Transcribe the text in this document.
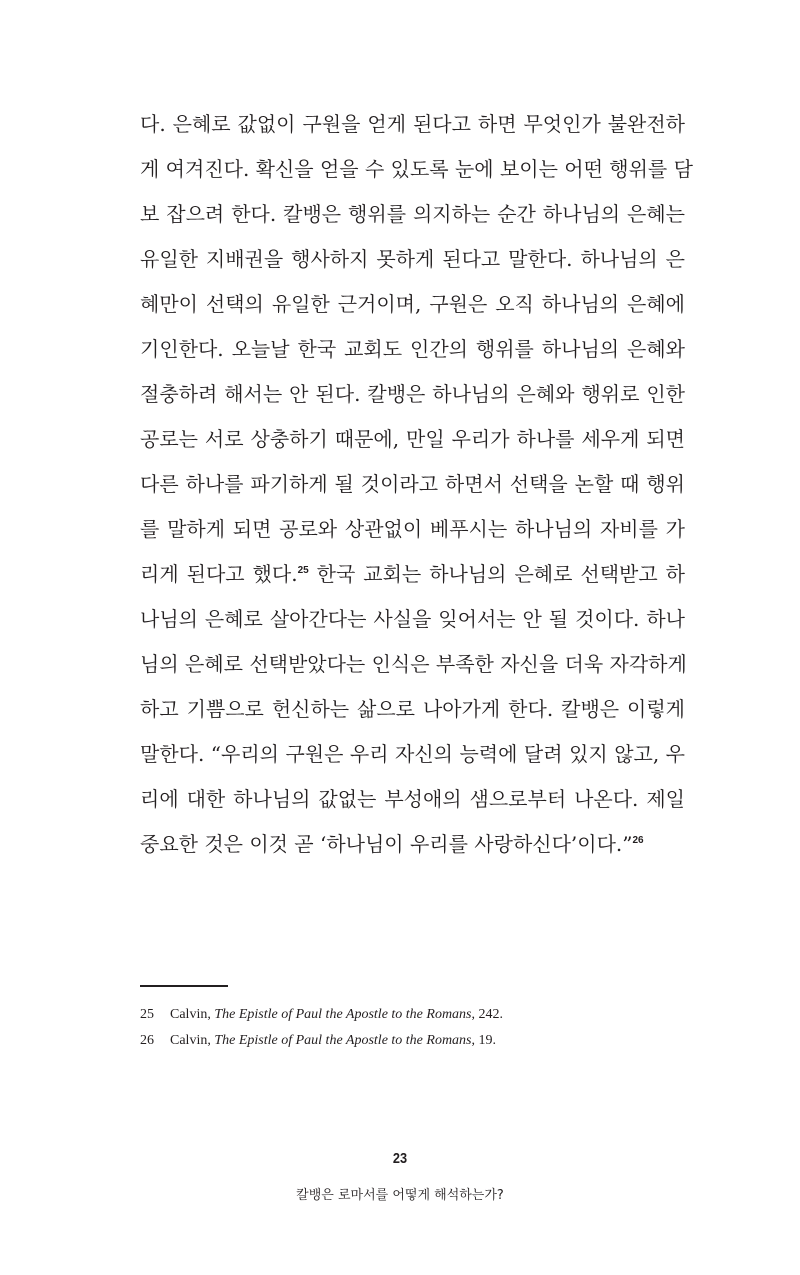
다. 은혜로 값없이 구원을 얻게 된다고 하면 무엇인가 불완전하
게 여겨진다. 확신을 얻을 수 있도록 눈에 보이는 어떤 행위를 담
보 잡으려 한다. 칼뱅은 행위를 의지하는 순간 하나님의 은혜는
유일한 지배권을 행사하지 못하게 된다고 말한다. 하나님의 은
혜만이 선택의 유일한 근거이며, 구원은 오직 하나님의 은혜에
기인한다. 오늘날 한국 교회도 인간의 행위를 하나님의 은혜와
절충하려 해서는 안 된다. 칼뱅은 하나님의 은혜와 행위로 인한
공로는 서로 상충하기 때문에, 만일 우리가 하나를 세우게 되면
다른 하나를 파기하게 될 것이라고 하면서 선택을 논할 때 행위
를 말하게 되면 공로와 상관없이 베푸시는 하나님의 자비를 가
리게 된다고 했다.$^{25}$ 한국 교회는 하나님의 은혜로 선택받고 하
나님의 은혜로 살아간다는 사실을 잊어서는 안 될 것이다. 하나
님의 은혜로 선택받았다는 인식은 부족한 자신을 더욱 자각하게
하고 기쁨으로 헌신하는 삶으로 나아가게 한다. 칼뱅은 이렇게
말한다. “우리의 구원은 우리 자신의 능력에 달려 있지 않고, 우
리에 대한 하나님의 값없는 부성애의 샘으로부터 나온다. 제일
중요한 것은 이것 곧 ‘하나님이 우리를 사랑하신다’이다.”$^{26}$
25 Calvin, The Epistle of Paul the Apostle to the Romans, 242.
26 Calvin, The Epistle of Paul the Apostle to the Romans, 19.
23
칼뱅은 로마서를 어떻게 해석하는가?
